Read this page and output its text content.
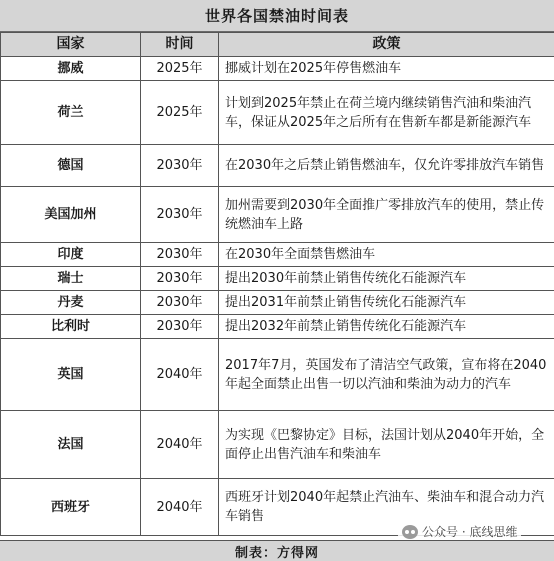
世界各国禁油时间表
国家	时间	政策
挪威	2025年	挪威计划在2025年停售燃油车
荷兰	2025年	计划到2025年禁止在荷兰境内继续销售汽油和柴油汽车，保证从2025年之后所有在售新车都是新能源汽车
德国	2030年	在2030年之后禁止销售燃油车，仅允许零排放汽车销售
美国加州	2030年	加州需要到2030年全面推广零排放汽车的使用，禁止传统燃油车上路
印度	2030年	在2030年全面禁售燃油车
瑞士	2030年	提出2030年前禁止销售传统化石能源汽车
丹麦	2030年	提出2031年前禁止销售传统化石能源汽车
比利时	2030年	提出2032年前禁止销售传统化石能源汽车
英国	2040年	2017年7月，英国发布了清洁空气政策，宣布将在2040年起全面禁止出售一切以汽油和柴油为动力的汽车
法国	2040年	为实现《巴黎协定》目标，法国计划从2040年开始，全面停止出售汽油车和柴油车
西班牙	2040年	西班牙计划2040年起禁止汽油车、柴油车和混合动力汽车销售
公众号 · 底线思维
制表：方得网
